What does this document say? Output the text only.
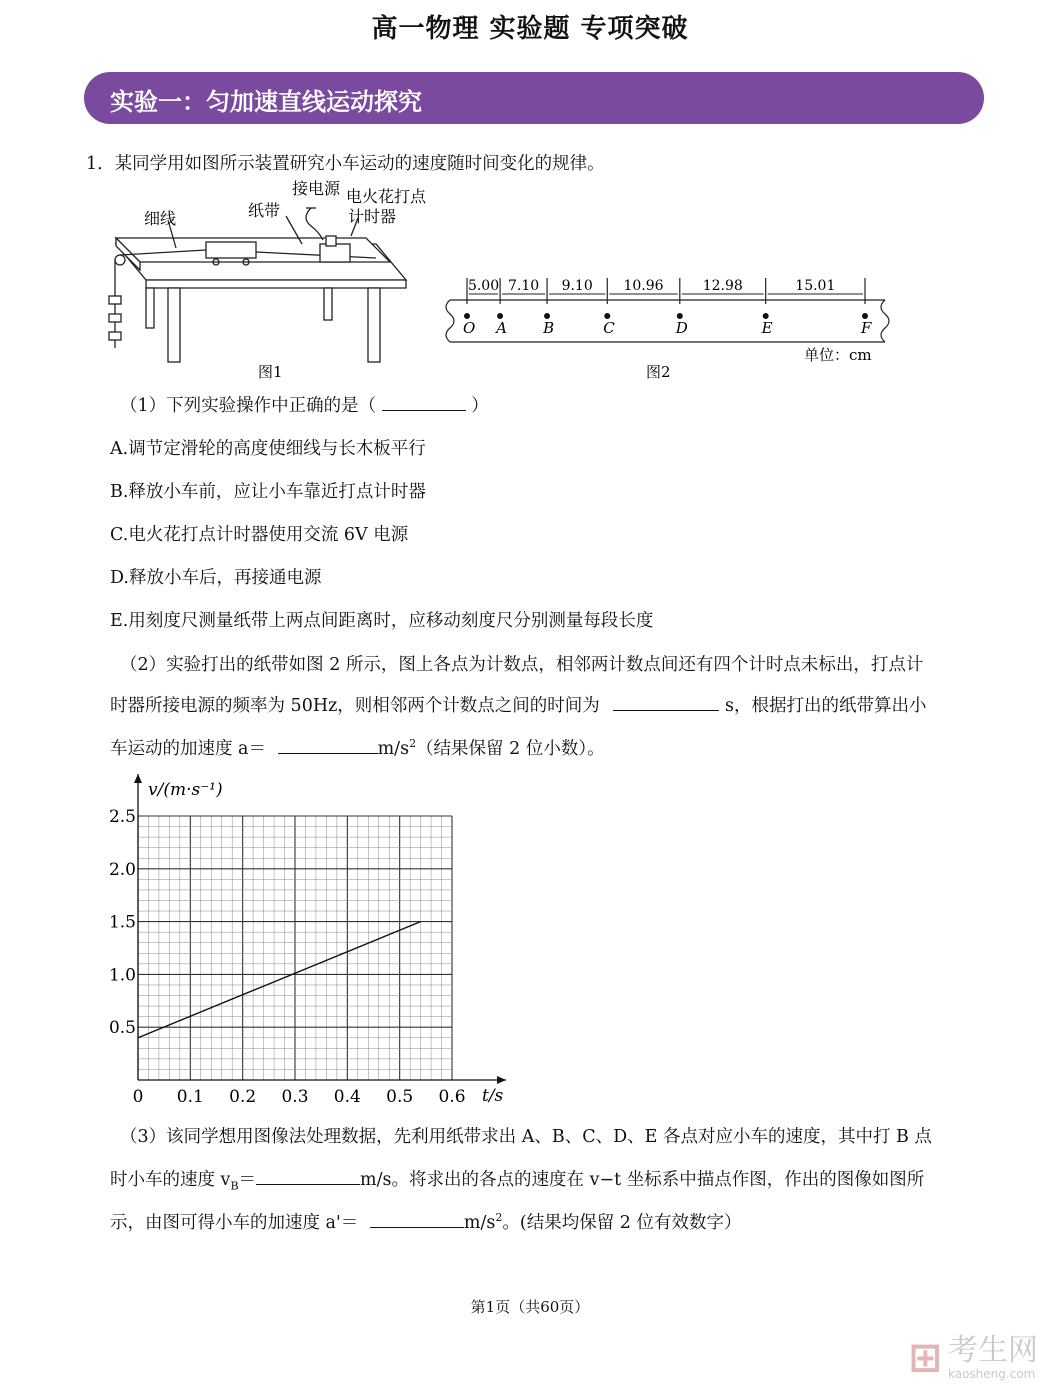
高一物理 实验题 专项突破
实验一：匀加速直线运动探究
1．某同学用如图所示装置研究小车运动的速度随时间变化的规律。
细线	纸带
接电源 电火花打点
计时器
图1
O A B	C	D	E	F
5.00 7.10 9.10 10.96	12.98	15.01
单位：cm
图2
（1）下列实验操作中正确的是（	）
A.调节定滑轮的高度使细线与长木板平行
B.释放小车前，应让小车靠近打点计时器
C.电火花打点计时器使用交流 6V 电源
D.释放小车后，再接通电源
E.用刻度尺测量纸带上两点间距离时，应移动刻度尺分别测量每段长度
（2）实验打出的纸带如图 2 所示，图上各点为计数点，相邻两计数点间还有四个计时点未标出，打点计
时器所接电源的频率为 50Hz，则相邻两个计数点之间的时间为	s，根据打出的纸带算出小
车运动的加速度 a＝	$m/s^2$（结果保留 2 位小数）。
0 0.1 0.2 0.3 0.4 0.5 0.6
0.5
1.0
1.5
2.0
2.5
v/(m·s⁻¹)
t/s
（3）该同学想用图像法处理数据，先利用纸带求出 A、B、C、D、E 各点对应小车的速度，其中打 B 点
时小车的速度 $v_B=$	m/s。将求出的各点的速度在 v−t 坐标系中描点作图，作出的图像如图所
示，由图可得小车的加速度 a'＝	$m/s^2$。(结果均保留 2 位有效数字）
第1页（共60页）
⊞ 考生网
kaosheng.com
